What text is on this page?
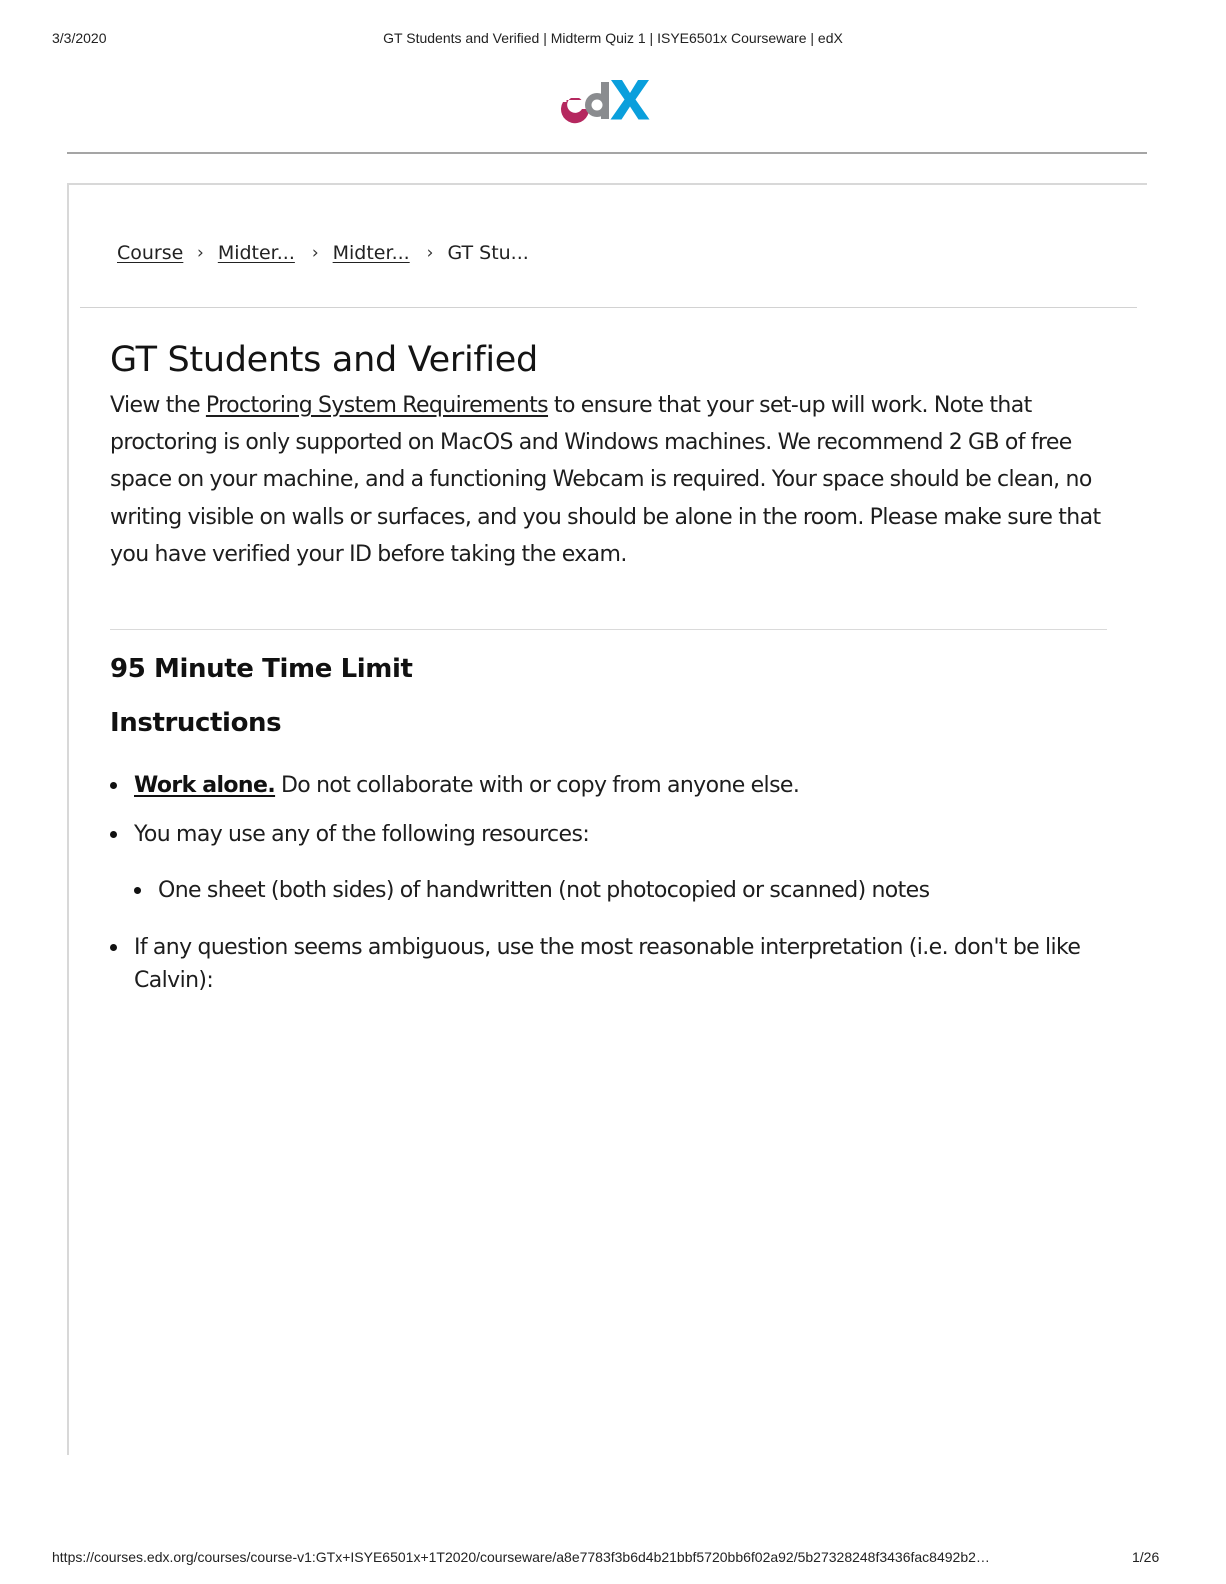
3/3/2020	GT Students and Verified | Midterm Quiz 1 | ISYE6501x Courseware | edX
Course › Midter... › Midter... › GT Stu...
GT Students and Verified

View the Proctoring System Requirements to ensure that your set-up will work. Note that proctoring is only supported on MacOS and Windows machines. We recommend 2 GB of free space on your machine, and a functioning Webcam is required. Your space should be clean, no writing visible on walls or surfaces, and you should be alone in the room. Please make sure that you have verified your ID before taking the exam.

95 Minute Time Limit
Instructions

Work alone. Do not collaborate with or copy from anyone else.

You may use any of the following resources:

One sheet (both sides) of handwritten (not photocopied or scanned) notes

If any question seems ambiguous, use the most reasonable interpretation (i.e. don't be like Calvin):

https://courses.edx.org/courses/course-v1:GTx+ISYE6501x+1T2020/courseware/a8e7783f3b6d4b21bbf5720bb6f02a92/5b27328248f3436fac8492b2…	1/26
